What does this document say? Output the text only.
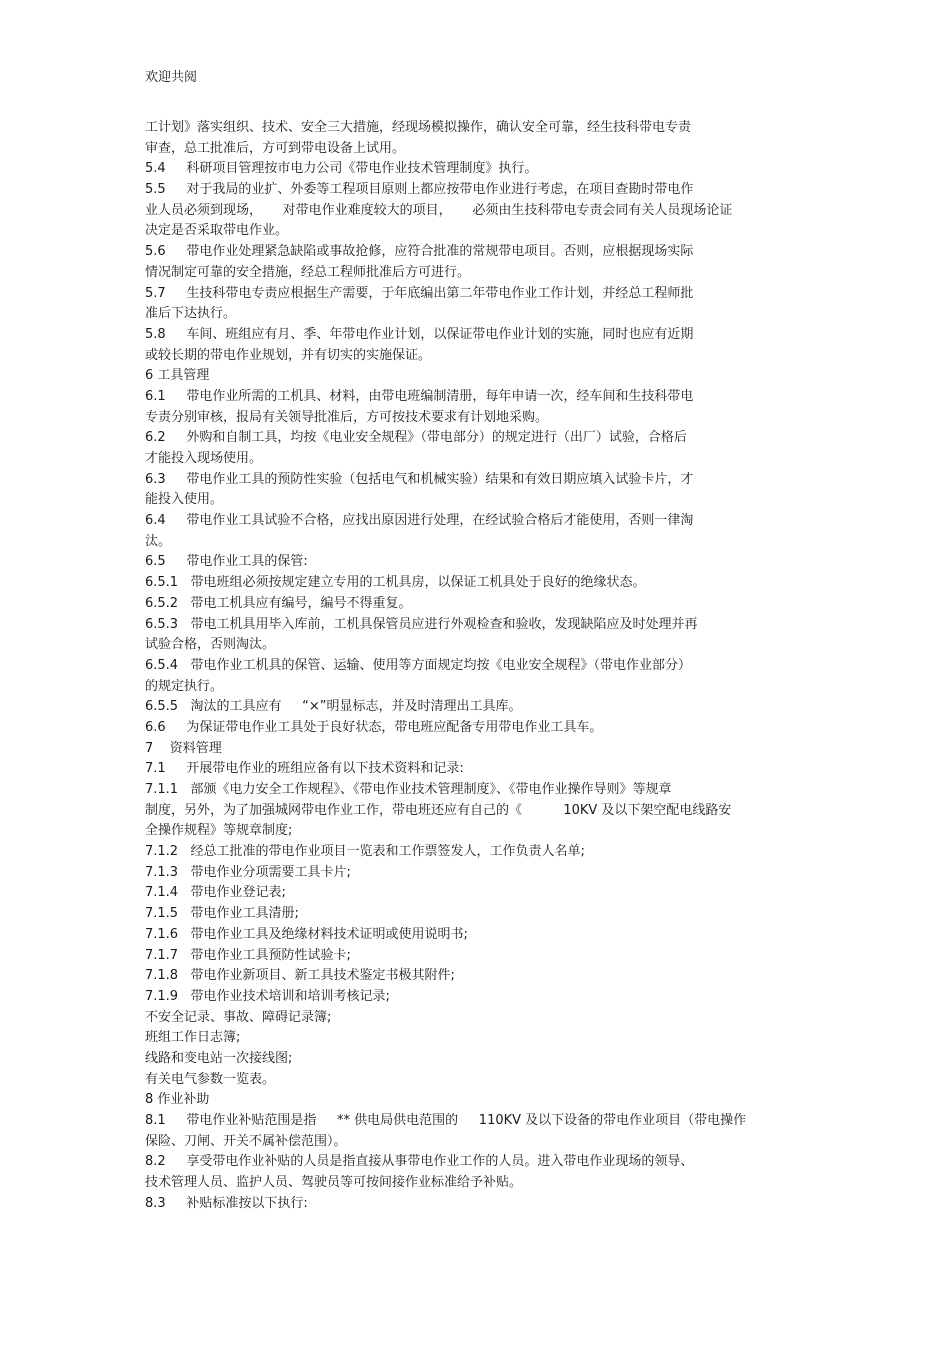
欢迎共阅
工计划》落实组织、技术、安全三大措施，经现场模拟操作，确认安全可靠，经生技科带电专责
审查，总工批准后，方可到带电设备上试用。
5.4     科研项目管理按市电力公司《带电作业技术管理制度》执行。
5.5     对于我局的业扩、外委等工程项目原则上都应按带电作业进行考虑，在项目查勘时带电作
业人员必须到现场，     对带电作业难度较大的项目，     必须由生技科带电专责会同有关人员现场论证
决定是否采取带电作业。
5.6     带电作业处理紧急缺陷或事故抢修，应符合批准的常规带电项目。否则，应根据现场实际
情况制定可靠的安全措施，经总工程师批准后方可进行。
5.7     生技科带电专责应根据生产需要，于年底编出第二年带电作业工作计划，并经总工程师批
准后下达执行。
5.8     车间、班组应有月、季、年带电作业计划，以保证带电作业计划的实施，同时也应有近期
或较长期的带电作业规划，并有切实的实施保证。
6 工具管理
6.1     带电作业所需的工机具、材料，由带电班编制清册，每年申请一次，经车间和生技科带电
专责分别审核，报局有关领导批准后，方可按技术要求有计划地采购。
6.2     外购和自制工具，均按《电业安全规程》（带电部分）的规定进行（出厂）试验，合格后
才能投入现场使用。
6.3     带电作业工具的预防性实验（包括电气和机械实验）结果和有效日期应填入试验卡片，才
能投入使用。
6.4     带电作业工具试验不合格，应找出原因进行处理，在经试验合格后才能使用，否则一律淘
汰。
6.5     带电作业工具的保管:
6.5.1   带电班组必须按规定建立专用的工机具房，以保证工机具处于良好的绝缘状态。
6.5.2   带电工机具应有编号，编号不得重复。
6.5.3   带电工机具用毕入库前，工机具保管员应进行外观检查和验收，发现缺陷应及时处理并再
试验合格，否则淘汰。
6.5.4   带电作业工机具的保管、运输、使用等方面规定均按《电业安全规程》（带电作业部分）
的规定执行。
6.5.5   淘汰的工具应有     “×”明显标志，并及时清理出工具库。
6.6     为保证带电作业工具处于良好状态，带电班应配备专用带电作业工具车。
7    资料管理
7.1     开展带电作业的班组应备有以下技术资料和记录:
7.1.1   部颁《电力安全工作规程》、《带电作业技术管理制度》、《带电作业操作导则》等规章
制度，另外，为了加强城网带电作业工作，带电班还应有自己的《          10KV 及以下架空配电线路安
全操作规程》等规章制度;
7.1.2   经总工批准的带电作业项目一览表和工作票签发人，工作负责人名单;
7.1.3   带电作业分项需要工具卡片;
7.1.4   带电作业登记表;
7.1.5   带电作业工具清册;
7.1.6   带电作业工具及绝缘材料技术证明或使用说明书;
7.1.7   带电作业工具预防性试验卡;
7.1.8   带电作业新项目、新工具技术鉴定书极其附件;
7.1.9   带电作业技术培训和培训考核记录;
不安全记录、事故、障碍记录簿;
班组工作日志簿;
线路和变电站一次接线图;
有关电气参数一览表。
8 作业补助
8.1     带电作业补贴范围是指     ** 供电局供电范围的     110KV 及以下设备的带电作业项目（带电操作
保险、刀闸、开关不属补偿范围）。
8.2     享受带电作业补贴的人员是指直接从事带电作业工作的人员。进入带电作业现场的领导、
技术管理人员、监护人员、驾驶员等可按间接作业标准给予补贴。
8.3     补贴标准按以下执行:
